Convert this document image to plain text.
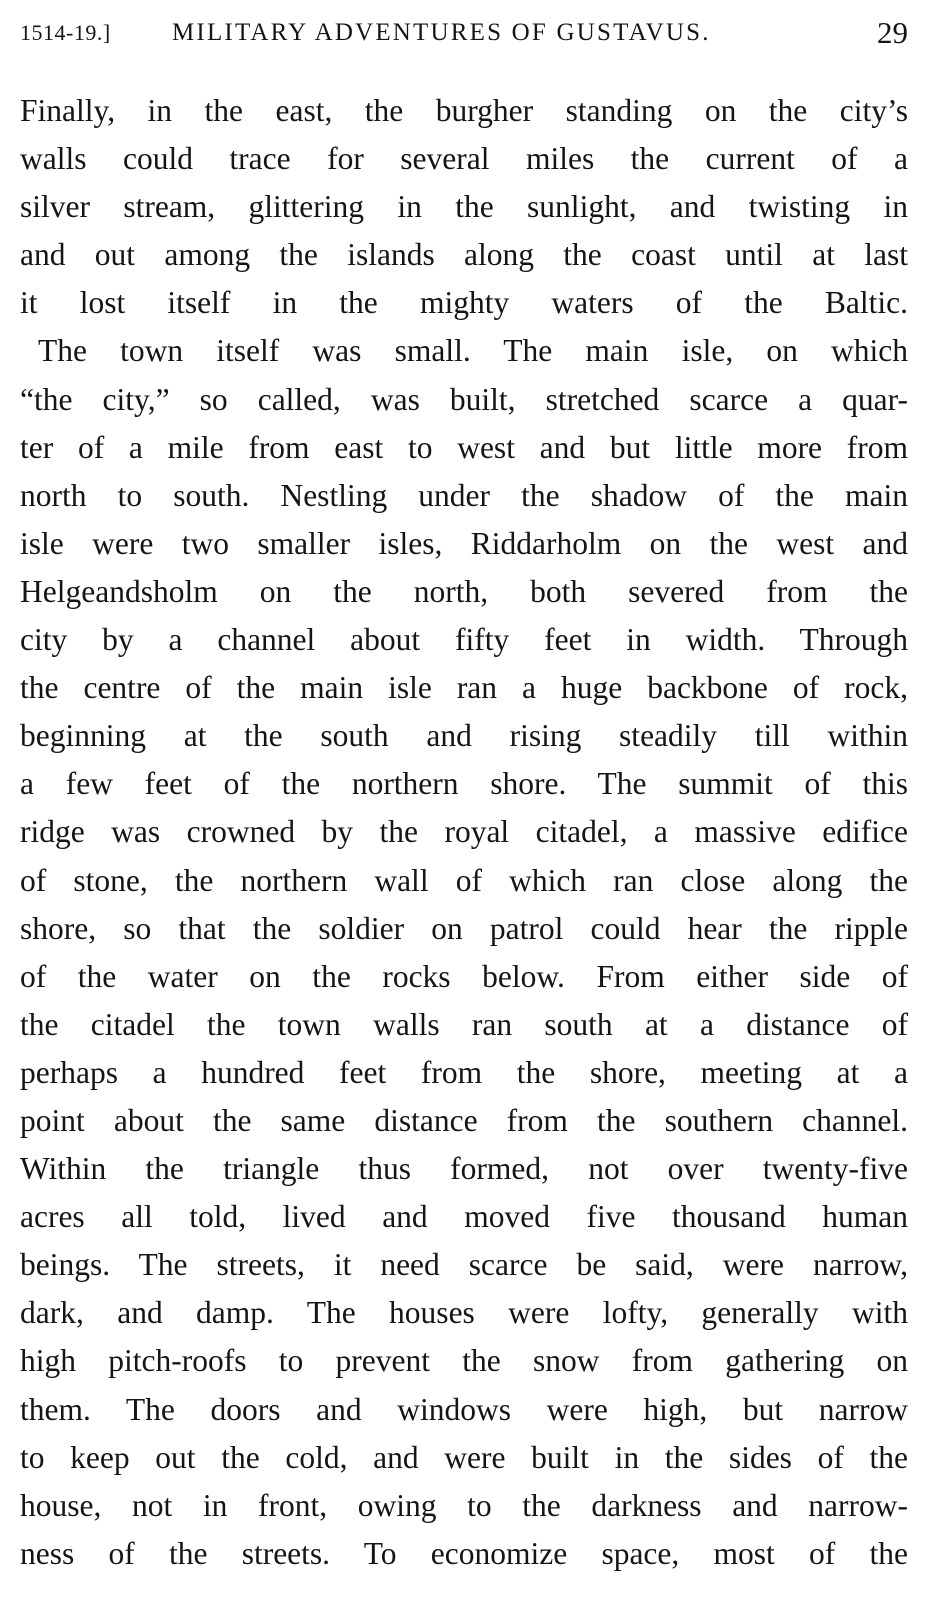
1514-19.] MILITARY ADVENTURES OF GUSTAVUS.	29
Finally, in the east, the burgher standing on the city’s
walls could trace for several miles the current of a
silver stream, glittering in the sunlight, and twisting in
and out among the islands along the coast until at last
it lost itself in the mighty waters of the Baltic.
The town itself was small. The main isle, on which
“the city,” so called, was built, stretched scarce a quar-
ter of a mile from east to west and but little more from
north to south. Nestling under the shadow of the main
isle were two smaller isles, Riddarholm on the west and
Helgeandsholm on the north, both severed from the
city by a channel about fifty feet in width. Through
the centre of the main isle ran a huge backbone of rock,
beginning at the south and rising steadily till within
a few feet of the northern shore. The summit of this
ridge was crowned by the royal citadel, a massive edifice
of stone, the northern wall of which ran close along the
shore, so that the soldier on patrol could hear the ripple
of the water on the rocks below. From either side of
the citadel the town walls ran south at a distance of
perhaps a hundred feet from the shore, meeting at a
point about the same distance from the southern channel.
Within the triangle thus formed, not over twenty-five
acres all told, lived and moved five thousand human
beings. The streets, it need scarce be said, were narrow,
dark, and damp. The houses were lofty, generally with
high pitch-roofs to prevent the snow from gathering on
them. The doors and windows were high, but narrow
to keep out the cold, and were built in the sides of the
house, not in front, owing to the darkness and narrow-
ness of the streets. To economize space, most of the
